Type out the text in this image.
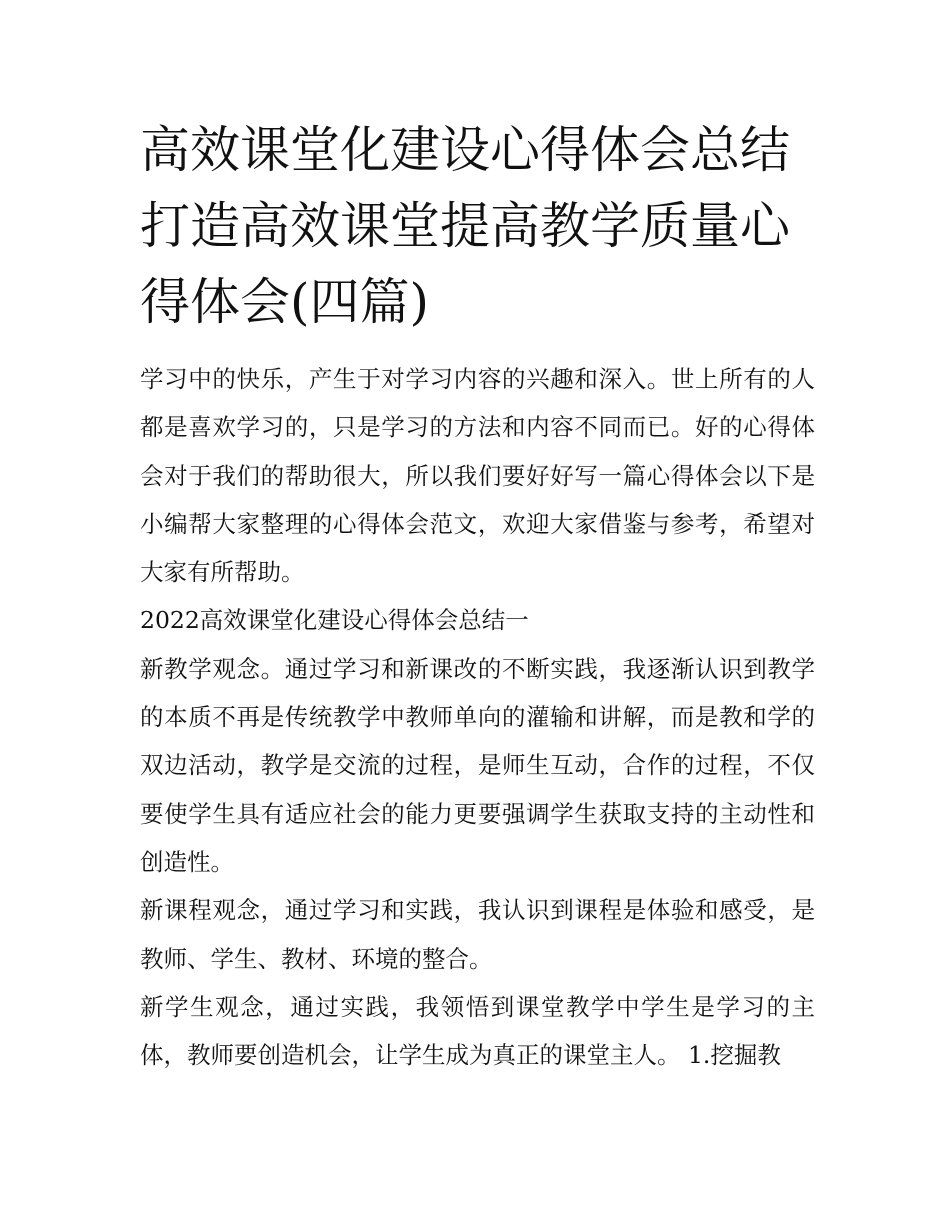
高效课堂化建设心得体会总结打造高效课堂提高教学质量心得体会(四篇)

学习中的快乐，产生于对学习内容的兴趣和深入。世上所有的人都是喜欢学习的，只是学习的方法和内容不同而已。好的心得体会对于我们的帮助很大，所以我们要好好写一篇心得体会以下是小编帮大家整理的心得体会范文，欢迎大家借鉴与参考，希望对大家有所帮助。

2022高效课堂化建设心得体会总结一

新教学观念。通过学习和新课改的不断实践，我逐渐认识到教学的本质不再是传统教学中教师单向的灌输和讲解，而是教和学的双边活动，教学是交流的过程，是师生互动，合作的过程，不仅要使学生具有适应社会的能力更要强调学生获取支持的主动性和创造性。

新课程观念，通过学习和实践，我认识到课程是体验和感受，是教师、学生、教材、环境的整合。

新学生观念，通过实践，我领悟到课堂教学中学生是学习的主体，教师要创造机会，让学生成为真正的课堂主人。 1.挖掘教
